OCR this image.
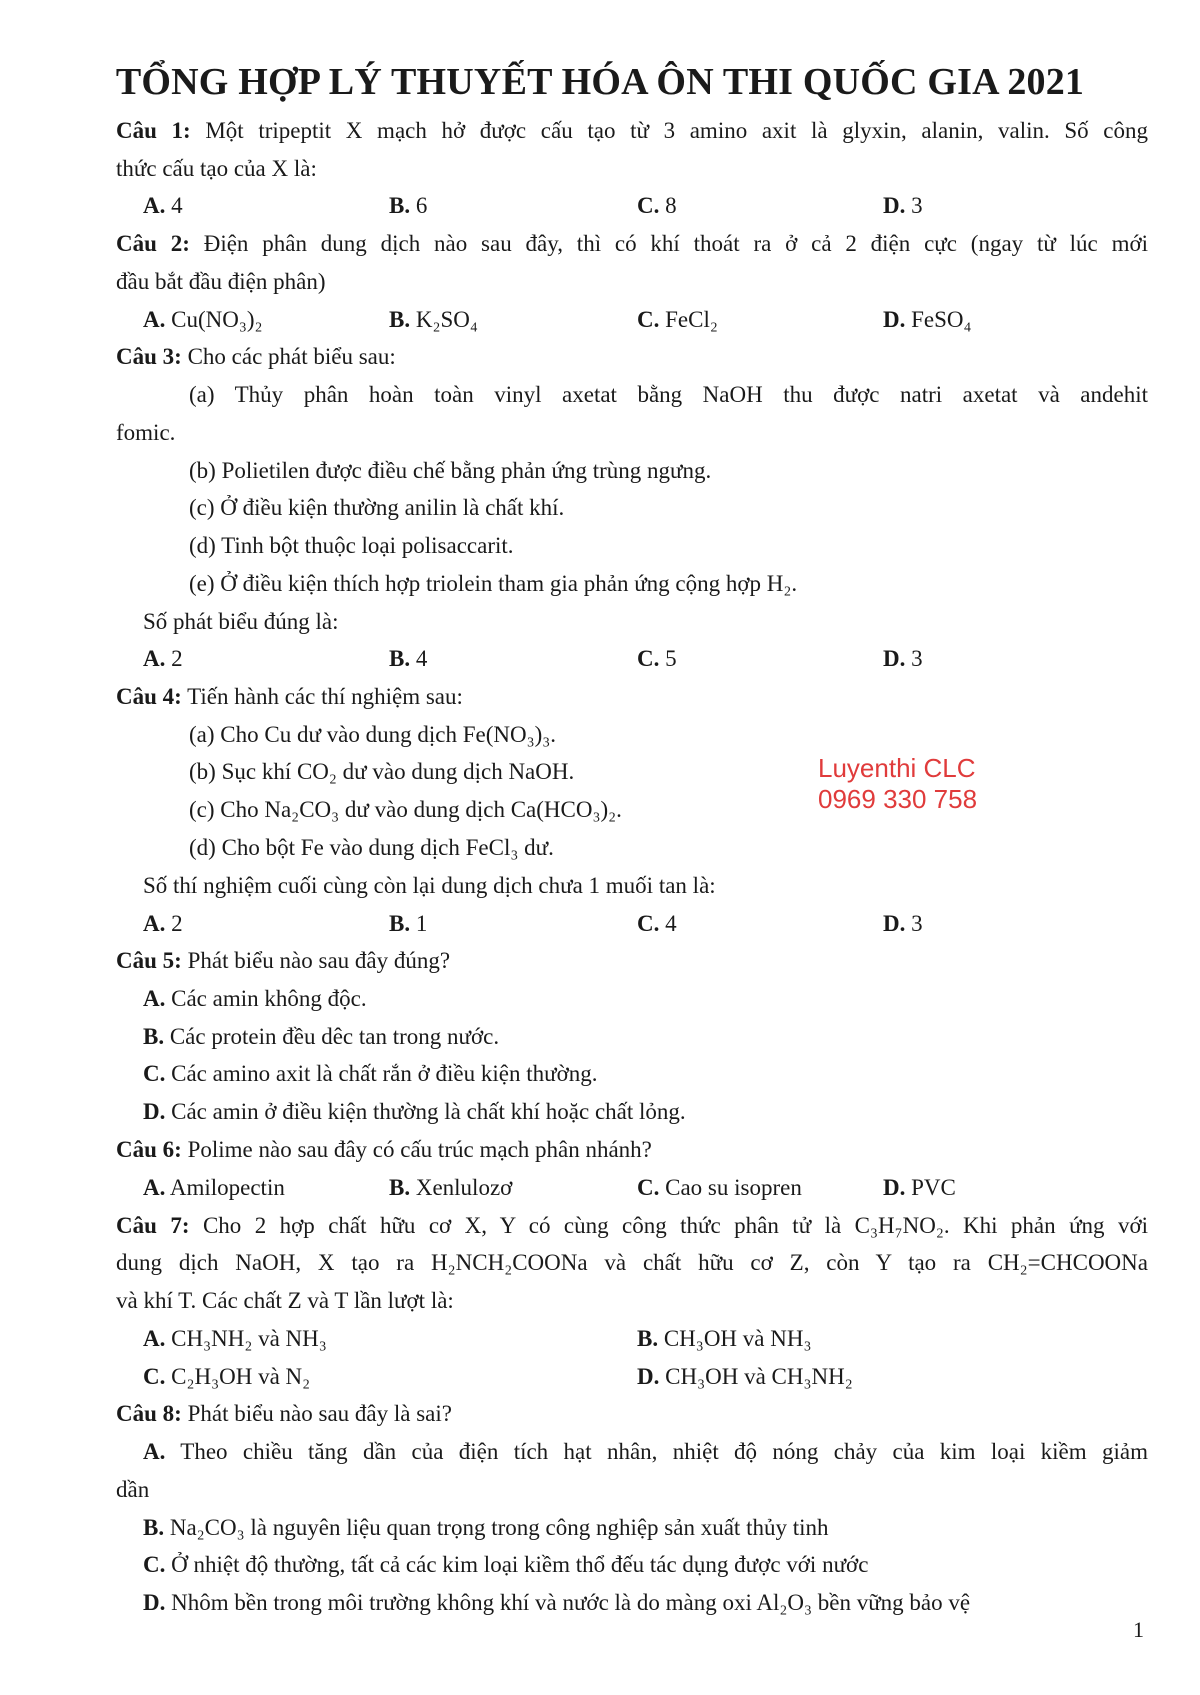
TỔNG HỢP LÝ THUYẾT HÓA ÔN THI QUỐC GIA 2021
Câu 1: Một tripeptit X mạch hở được cấu tạo từ 3 amino axit là glyxin, alanin, valin. Số công
thức cấu tạo của X là:
A. 4	B. 6	C. 8	D. 3
Câu 2: Điện phân dung dịch nào sau đây, thì có khí thoát ra ở cả 2 điện cực (ngay từ lúc mới
đầu bắt đầu điện phân)
A. Cu(NO₃)₂	B. K₂SO₄	C. FeCl₂	D. FeSO₄
Câu 3: Cho các phát biểu sau:
(a) Thủy phân hoàn toàn vinyl axetat bằng NaOH thu được natri axetat và andehit
fomic.
(b) Polietilen được điều chế bằng phản ứng trùng ngưng.
(c) Ở điều kiện thường anilin là chất khí.
(d) Tinh bột thuộc loại polisaccarit.
(e) Ở điều kiện thích hợp triolein tham gia phản ứng cộng hợp H₂.
Số phát biểu đúng là:
A. 2	B. 4	C. 5	D. 3
Câu 4: Tiến hành các thí nghiệm sau:
(a) Cho Cu dư vào dung dịch Fe(NO₃)₃.
(b) Sục khí CO₂ dư vào dung dịch NaOH.
(c) Cho Na₂CO₃ dư vào dung dịch Ca(HCO₃)₂.
(d) Cho bột Fe vào dung dịch FeCl₃ dư.
Số thí nghiệm cuối cùng còn lại dung dịch chưa 1 muối tan là:
A. 2	B. 1	C. 4	D. 3
Luyenthi CLC
0969 330 758
Câu 5: Phát biểu nào sau đây đúng?
A. Các amin không độc.
B. Các protein đều dêc tan trong nước.
C. Các amino axit là chất rắn ở điều kiện thường.
D. Các amin ở điều kiện thường là chất khí hoặc chất lỏng.
Câu 6: Polime nào sau đây có cấu trúc mạch phân nhánh?
A. Amilopectin	B. Xenlulozơ	C. Cao su isopren	D. PVC
Câu 7: Cho 2 hợp chất hữu cơ X, Y có cùng công thức phân tử là C₃H₇NO₂. Khi phản ứng với
dung dịch NaOH, X tạo ra H₂NCH₂COONa và chất hữu cơ Z, còn Y tạo ra CH₂=CHCOONa
và khí T. Các chất Z và T lần lượt là:
A. CH₃NH₂ và NH₃	B. CH₃OH và NH₃
C. C₂H₃OH và N₂	D. CH₃OH và CH₃NH₂
Câu 8: Phát biểu nào sau đây là sai?
A. Theo chiều tăng dần của điện tích hạt nhân, nhiệt độ nóng chảy của kim loại kiềm giảm
dần
B. Na₂CO₃ là nguyên liệu quan trọng trong công nghiệp sản xuất thủy tinh
C. Ở nhiệt độ thường, tất cả các kim loại kiềm thổ đếu tác dụng được với nước
D. Nhôm bền trong môi trường không khí và nước là do màng oxi Al₂O₃ bền vững bảo vệ
1
